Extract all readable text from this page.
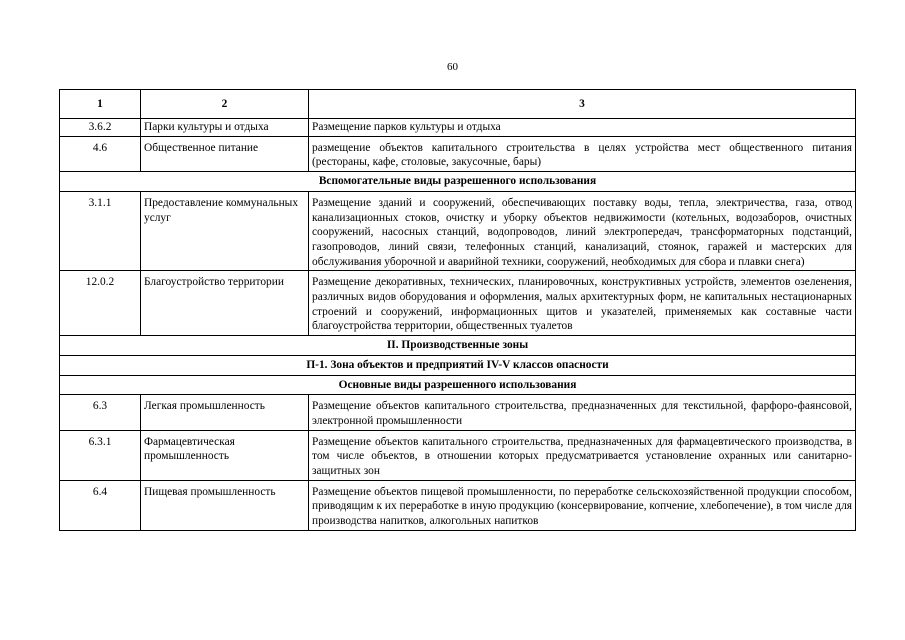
60
1	2	3
3.6.2	Парки культуры и отдыха	Размещение парков культуры и отдыха
4.6	Общественное питание	размещение объектов капитального строительства в целях устройства мест общественного питания (рестораны, кафе, столовые, закусочные, бары)
Вспомогательные виды разрешенного использования		
3.1.1	Предоставление коммунальных услуг	Размещение зданий и сооружений, обеспечивающих поставку воды, тепла, электричества, газа, отвод канализационных стоков, очистку и уборку объектов недвижимости (котельных, водозаборов, очистных сооружений, насосных станций, водопроводов, линий электропередач, трансформаторных подстанций, газопроводов, линий связи, телефонных станций, канализаций, стоянок, гаражей и мастерских для обслуживания уборочной и аварийной техники, сооружений, необходимых для сбора и плавки снега)
12.0.2	Благоустройство территории	Размещение декоративных, технических, планировочных, конструктивных устройств, элементов озеленения, различных видов оборудования и оформления, малых архитектурных форм, не капитальных нестационарных строений и сооружений, информационных щитов и указателей, применяемых как составные части благоустройства территории, общественных туалетов
II. Производственные зоны		
П-1. Зона объектов и предприятий IV-V классов опасности		
Основные виды разрешенного использования		
6.3	Легкая промышленность	Размещение объектов капитального строительства, предназначенных для текстильной, фарфоро-фаянсовой, электронной промышленности
6.3.1	Фармацевтическая промышленность	Размещение объектов капитального строительства, предназначенных для фармацевтического производства, в том числе объектов, в отношении которых предусматривается установление охранных или санитарно-защитных зон
6.4	Пищевая промышленность	Размещение объектов пищевой промышленности, по переработке сельскохозяйственной продукции способом, приводящим к их переработке в иную продукцию (консервирование, копчение, хлебопечение), в том числе для производства напитков, алкогольных напитков
